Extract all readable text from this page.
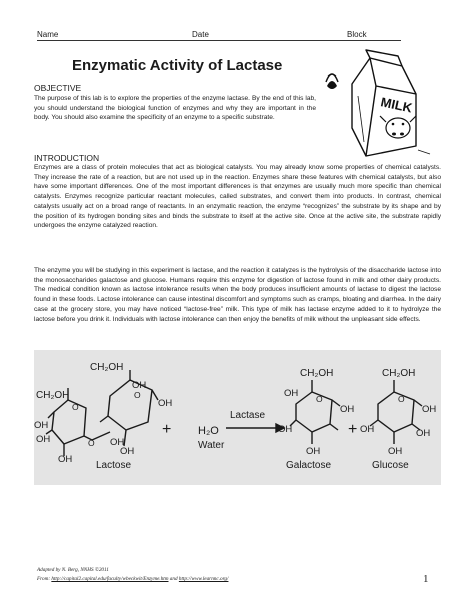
Name	Date	Block
Enzymatic Activity of Lactase
MILK
OBJECTIVE
The purpose of this lab is to explore the properties of the enzyme lactase. By the end of this lab, you should understand the biological function of enzymes and why they are important in the body. You should also examine the specificity of an enzyme to a specific substrate.
INTRODUCTION
Enzymes are a class of protein molecules that act as biological catalysts. You may already know some properties of chemical catalysts. They increase the rate of a reaction, but are not used up in the reaction. Enzymes share these features with chemical catalysts, but also have some important differences. One of the most important differences is that enzymes are usually much more specific than chemical catalysts. Enzymes recognize particular reactant molecules, called substrates, and convert them into products. In contrast, chemical catalysts usually act on a broad range of reactants. In an enzymatic reaction, the enzyme “recognizes” the substrate by its shape and by the position of its hydrogen bonding sites and binds the substrate to itself at the active site. Once at the active site, the substrate rapidly undergoes the enzyme catalyzed reaction.
The enzyme you will be studying in this experiment is lactase, and the reaction it catalyzes is the hydrolysis of the disaccharide lactose into the monosaccharides galactose and glucose. Humans require this enzyme for digestion of lactose found in milk and other dairy products. The medical condition known as lactose intolerance results when the body produces insufficient amounts of lactase to digest the lactose found in these foods. Lactose intolerance can cause intestinal discomfort and symptoms such as cramps, bloating and diarrhea. In the dairy case at the grocery store, you may have noticed “lactose-free” milk. This type of milk has lactase enzyme added to it to hydrolyze the lactose before you drink it. Individuals with lactose intolerance can then enjoy the benefits of milk without the unpleasant side effects.
CH₂OH
CH₂OH
OH
OH
OH
OH
OH
OH
OH
O
O
O
Lactose
+ H₂O
Lactase
Water
CH₂OH
OH
OH
OH
OH
O
Galactose
+
CH₂OH
OH
OH
OH
OH
O
Glucose
Adapted by N. Berg, NNHS ©2011
From: http://capital2.capital.edu/faculty/wbeckwit/Enzyme.htm and http://www.learnnc.org/	1
